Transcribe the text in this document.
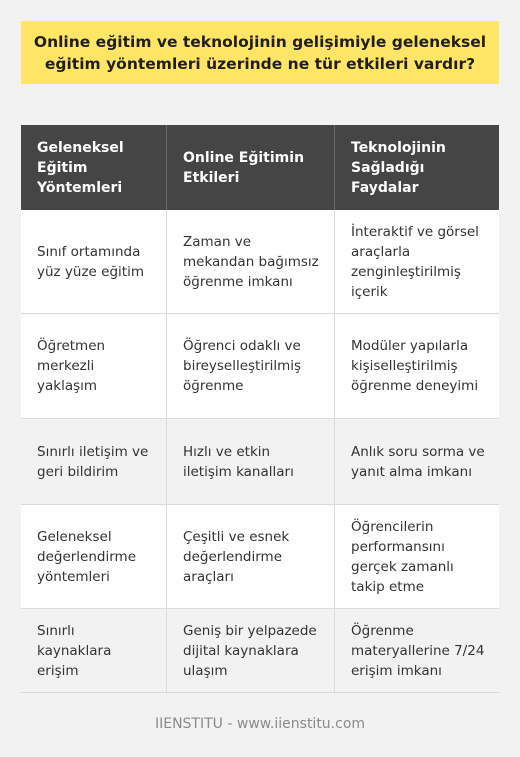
Online eğitim ve teknolojinin gelişimiyle geleneksel eğitim yöntemleri üzerinde ne tür etkileri vardır?
Geleneksel Eğitim Yöntemleri
Online Eğitimin Etkileri
Teknolojinin Sağladığı Faydalar
Sınıf ortamında yüz yüze eğitim
Zaman ve mekandan bağımsız öğrenme imkanı
İnteraktif ve görsel araçlarla zenginleştirilmiş içerik
Öğretmen merkezli yaklaşım
Öğrenci odaklı ve bireyselleştirilmiş öğrenme
Modüler yapılarla kişiselleştirilmiş öğrenme deneyimi
Sınırlı iletişim ve geri bildirim
Hızlı ve etkin iletişim kanalları
Anlık soru sorma ve yanıt alma imkanı
Geleneksel değerlendirme yöntemleri
Çeşitli ve esnek değerlendirme araçları
Öğrencilerin performansını gerçek zamanlı takip etme
Sınırlı kaynaklara erişim
Geniş bir yelpazede dijital kaynaklara ulaşım
Öğrenme materyallerine 7/24 erişim imkanı
IIENSTITU - www.iienstitu.com
